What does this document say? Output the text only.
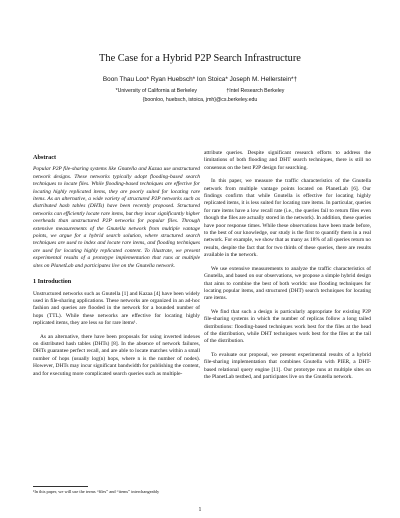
The Case for a Hybrid P2P Search Infrastructure
Boon Thau Loo* Ryan Huebsch* Ion Stoica* Joseph M. Hellerstein*†
*University of California at Berkeley	†Intel Research Berkeley
{boonloo, huebsch, istoica, jmh}@cs.berkeley.edu
Abstract

Popular P2P file-sharing systems like Gnutella and Kazaa use unstructured network designs. These networks typically adopt flooding-based search techniques to locate files. While flooding-based techniques are effective for locating highly replicated items, they are poorly suited for locating rare items. As an alternative, a wide variety of structured P2P networks such as distributed hash tables (DHTs) have been recently proposed. Structured networks can efficiently locate rare items, but they incur significantly higher overheads than unstructured P2P networks for popular files. Through extensive measurements of the Gnutella network from multiple vantage points, we argue for a hybrid search solution, where structured search techniques are used to index and locate rare items, and flooding techniques are used for locating highly replicated content. To illustrate, we present experimental results of a prototype implementation that runs at multiple sites on PlanetLab and participates live on the Gnutella network.

1 Introduction

Unstructured networks such as Gnutella [1] and Kazaa [4] have been widely used in file-sharing applications. These networks are organized in an ad-hoc fashion and queries are flooded in the network for a bounded number of hops (TTL). While these networks are effective for locating highly replicated items, they are less so for rare items¹.

As an alternative, there have been proposals for using inverted indexes on distributed hash tables (DHTs) [8]. In the absence of network failures, DHTs guarantee perfect recall, and are able to locate matches within a small number of hops (usually log(n) hops, where n is the number of nodes). However, DHTs may incur significant bandwidth for publishing the content, and for executing more complicated search queries such as multiple-

attribute queries. Despite significant research efforts to address the limitations of both flooding and DHT search techniques, there is still no consensus on the best P2P design for searching.

In this paper, we measure the traffic characteristics of the Gnutella network from multiple vantage points located on PlanetLab [6]. Our findings confirm that while Gnutella is effective for locating highly replicated items, it is less suited for locating rare items. In particular, queries for rare items have a low recall rate (i.e., the queries fail to return files even though the files are actually stored in the network). In addition, these queries have poor response times. While these observations have been made before, to the best of our knowledge, our study is the first to quantify them in a real network. For example, we show that as many as 18% of all queries return no results, despite the fact that for two thirds of these queries, there are results available in the network.

We use extensive measurements to analyze the traffic characteristics of Gnutella, and based on our observations, we propose a simple hybrid design that aims to combine the best of both worlds: use flooding techniques for locating popular items, and structured (DHT) search techniques for locating rare items.

We find that such a design is particularly appropriate for existing P2P file-sharing systems in which the number of replicas follow a long tailed distributions: flooding-based techniques work best for the files at the head of the distribution, while DHT techniques work best for the files at the tail of the distribution.

To evaluate our proposal, we present experimental results of a hybrid file-sharing implementation that combines Gnutella with PIER, a DHT-based relational query engine [11]. Our prototype runs at multiple sites on the PlanetLab testbed, and participates live on the Gnutella network.

¹In this paper, we will use the terms “files” and “items” interchangeably
1
